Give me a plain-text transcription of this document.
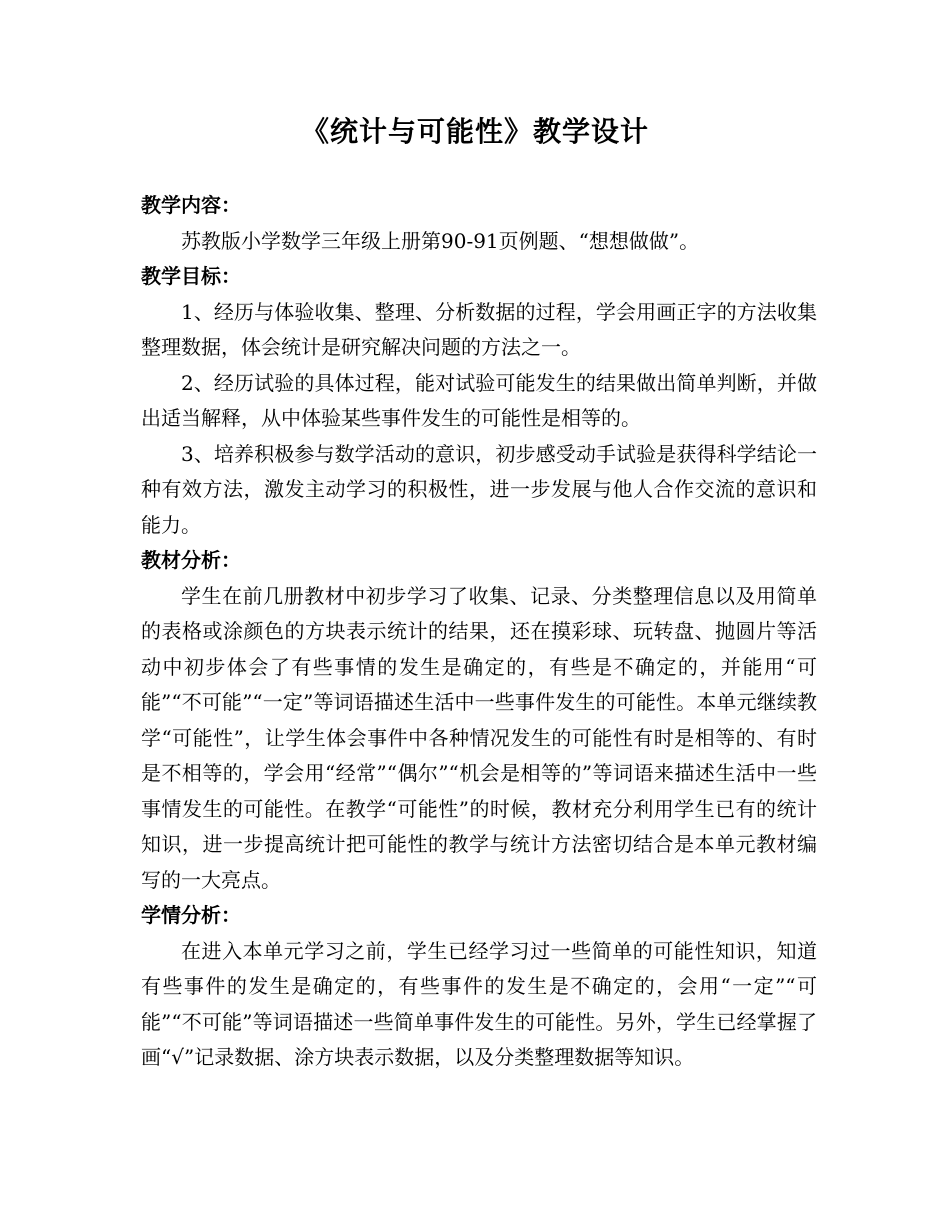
《统计与可能性》教学设计

教学内容：

苏教版小学数学三年级上册第90-91页例题、“想想做做”。

教学目标：

1、经历与体验收集、整理、分析数据的过程，学会用画正字的方法收集整理数据，体会统计是研究解决问题的方法之一。

2、经历试验的具体过程，能对试验可能发生的结果做出简单判断，并做出适当解释，从中体验某些事件发生的可能性是相等的。

3、培养积极参与数学活动的意识，初步感受动手试验是获得科学结论一种有效方法，激发主动学习的积极性，进一步发展与他人合作交流的意识和能力。

教材分析：

学生在前几册教材中初步学习了收集、记录、分类整理信息以及用简单的表格或涂颜色的方块表示统计的结果，还在摸彩球、玩转盘、抛圆片等活动中初步体会了有些事情的发生是确定的，有些是不确定的，并能用“可能”“不可能”“一定”等词语描述生活中一些事件发生的可能性。本单元继续教学“可能性”，让学生体会事件中各种情况发生的可能性有时是相等的、有时是不相等的，学会用“经常”“偶尔”“机会是相等的”等词语来描述生活中一些事情发生的可能性。在教学“可能性”的时候，教材充分利用学生已有的统计知识，进一步提高统计把可能性的教学与统计方法密切结合是本单元教材编写的一大亮点。

学情分析：

在进入本单元学习之前，学生已经学习过一些简单的可能性知识，知道有些事件的发生是确定的，有些事件的发生是不确定的，会用“一定”“可能”“不可能”等词语描述一些简单事件发生的可能性。另外，学生已经掌握了画“√”记录数据、涂方块表示数据，以及分类整理数据等知识。
